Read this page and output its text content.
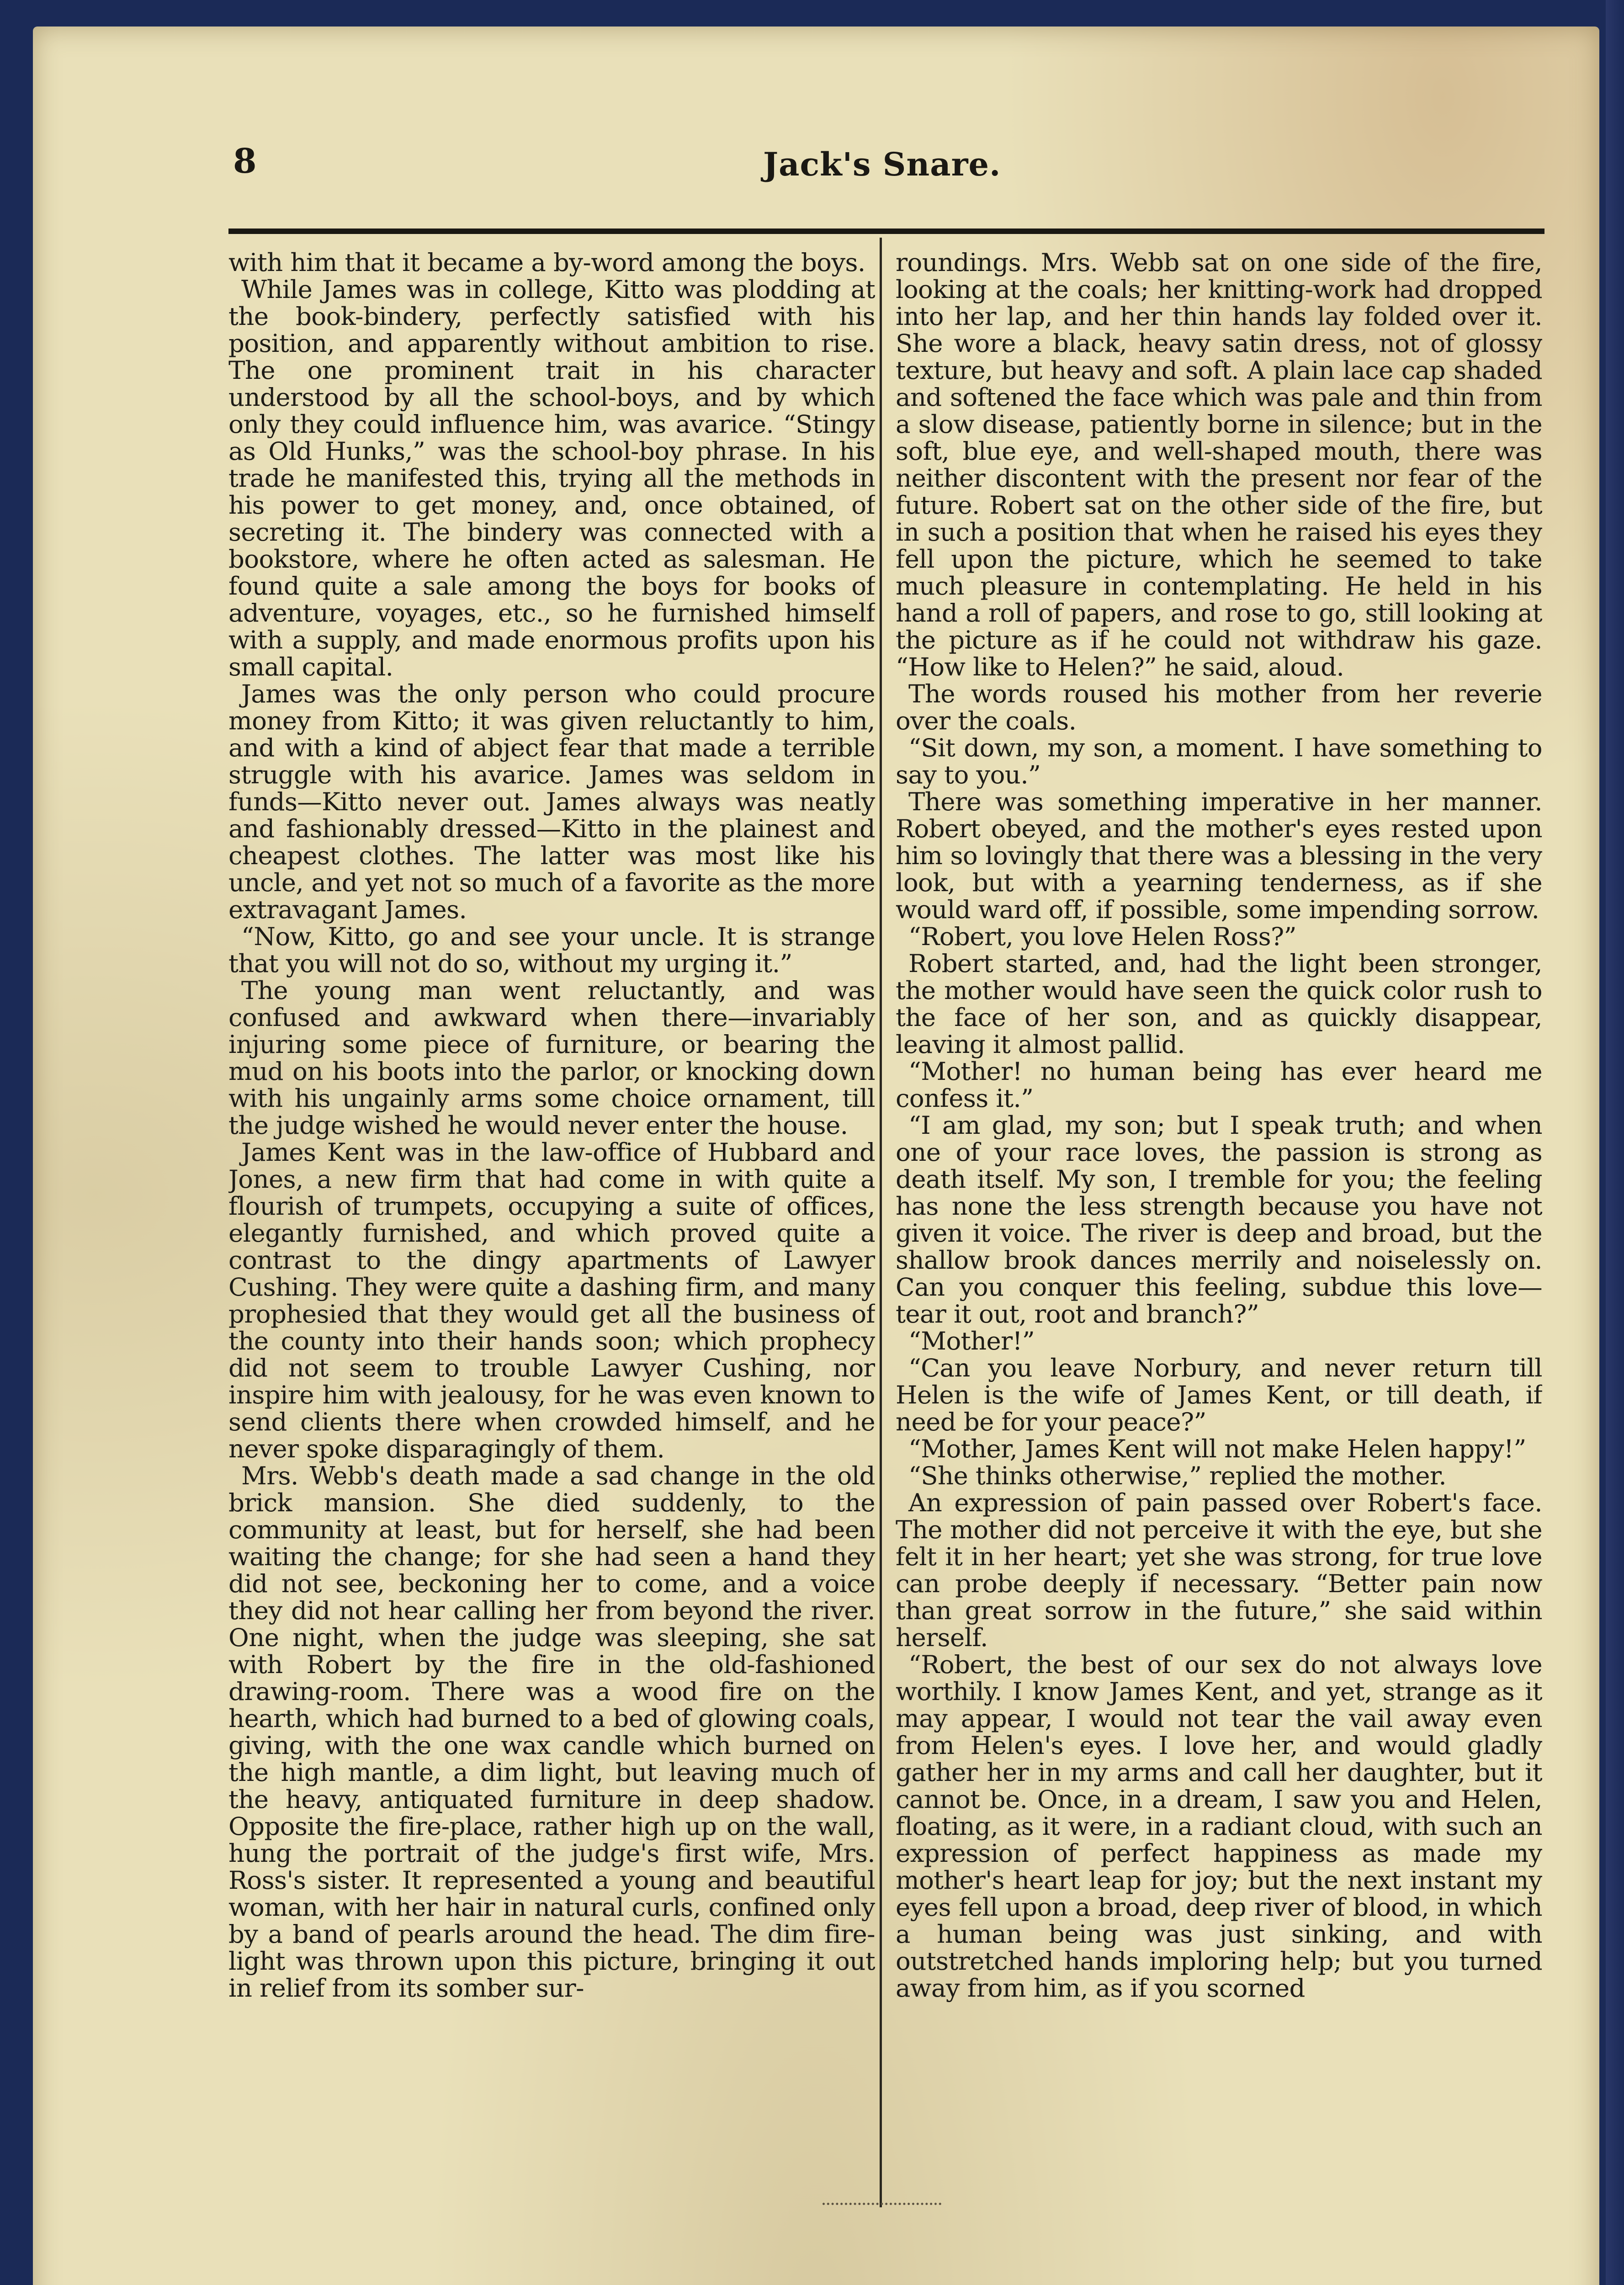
8	Jack's Snare.

with him that it became a by-word among the boys.

While James was in college, Kitto was plodding at the book-bindery, perfectly satisfied with his position, and apparently without ambition to rise. The one prominent trait in his character understood by all the school-boys, and by which only they could influence him, was avarice. “Stingy as Old Hunks,” was the school-boy phrase. In his trade he manifested this, trying all the methods in his power to get money, and, once obtained, of secreting it. The bindery was connected with a bookstore, where he often acted as salesman. He found quite a sale among the boys for books of adventure, voyages, etc., so he furnished himself with a supply, and made enormous profits upon his small capital.

James was the only person who could procure money from Kitto; it was given reluctantly to him, and with a kind of abject fear that made a terrible struggle with his avarice. James was seldom in funds—Kitto never out. James always was neatly and fashionably dressed—Kitto in the plainest and cheapest clothes. The latter was most like his uncle, and yet not so much of a favorite as the more extravagant James.

“Now, Kitto, go and see your uncle. It is strange that you will not do so, without my urging it.”

The young man went reluctantly, and was confused and awkward when there—invariably injuring some piece of furniture, or bearing the mud on his boots into the parlor, or knocking down with his ungainly arms some choice ornament, till the judge wished he would never enter the house.

James Kent was in the law-office of Hubbard and Jones, a new firm that had come in with quite a flourish of trumpets, occupying a suite of offices, elegantly furnished, and which proved quite a contrast to the dingy apartments of Lawyer Cushing. They were quite a dashing firm, and many prophesied that they would get all the business of the county into their hands soon; which prophecy did not seem to trouble Lawyer Cushing, nor inspire him with jealousy, for he was even known to send clients there when crowded himself, and he never spoke disparagingly of them.

Mrs. Webb's death made a sad change in the old brick mansion. She died suddenly, to the community at least, but for herself, she had been waiting the change; for she had seen a hand they did not see, beckoning her to come, and a voice they did not hear calling her from beyond the river. One night, when the judge was sleeping, she sat with Robert by the fire in the old-fashioned drawing-room. There was a wood fire on the hearth, which had burned to a bed of glowing coals, giving, with the one wax candle which burned on the high mantle, a dim light, but leaving much of the heavy, antiquated furniture in deep shadow. Opposite the fire-place, rather high up on the wall, hung the portrait of the judge's first wife, Mrs. Ross's sister. It represented a young and beautiful woman, with her hair in natural curls, confined only by a band of pearls around the head. The dim fire-light was thrown upon this picture, bringing it out in relief from its somber sur-

roundings. Mrs. Webb sat on one side of the fire, looking at the coals; her knitting-work had dropped into her lap, and her thin hands lay folded over it. She wore a black, heavy satin dress, not of glossy texture, but heavy and soft. A plain lace cap shaded and softened the face which was pale and thin from a slow disease, patiently borne in silence; but in the soft, blue eye, and well-shaped mouth, there was neither discontent with the present nor fear of the future. Robert sat on the other side of the fire, but in such a position that when he raised his eyes they fell upon the picture, which he seemed to take much pleasure in contemplating. He held in his hand a roll of papers, and rose to go, still looking at the picture as if he could not withdraw his gaze. “How like to Helen?” he said, aloud.

The words roused his mother from her reverie over the coals.

“Sit down, my son, a moment. I have something to say to you.”

There was something imperative in her manner. Robert obeyed, and the mother's eyes rested upon him so lovingly that there was a blessing in the very look, but with a yearning tenderness, as if she would ward off, if possible, some impending sorrow.

“Robert, you love Helen Ross?”

Robert started, and, had the light been stronger, the mother would have seen the quick color rush to the face of her son, and as quickly disappear, leaving it almost pallid.

“Mother! no human being has ever heard me confess it.”

“I am glad, my son; but I speak truth; and when one of your race loves, the passion is strong as death itself. My son, I tremble for you; the feeling has none the less strength because you have not given it voice. The river is deep and broad, but the shallow brook dances merrily and noiselessly on. Can you conquer this feeling, subdue this love—tear it out, root and branch?”

“Mother!”

“Can you leave Norbury, and never return till Helen is the wife of James Kent, or till death, if need be for your peace?”

“Mother, James Kent will not make Helen happy!”

“She thinks otherwise,” replied the mother.

An expression of pain passed over Robert's face. The mother did not perceive it with the eye, but she felt it in her heart; yet she was strong, for true love can probe deeply if necessary. “Better pain now than great sorrow in the future,” she said within herself.

“Robert, the best of our sex do not always love worthily. I know James Kent, and yet, strange as it may appear, I would not tear the vail away even from Helen's eyes. I love her, and would gladly gather her in my arms and call her daughter, but it cannot be. Once, in a dream, I saw you and Helen, floating, as it were, in a radiant cloud, with such an expression of perfect happiness as made my mother's heart leap for joy; but the next instant my eyes fell upon a broad, deep river of blood, in which a human being was just sinking, and with outstretched hands imploring help; but you turned away from him, as if you scorned
